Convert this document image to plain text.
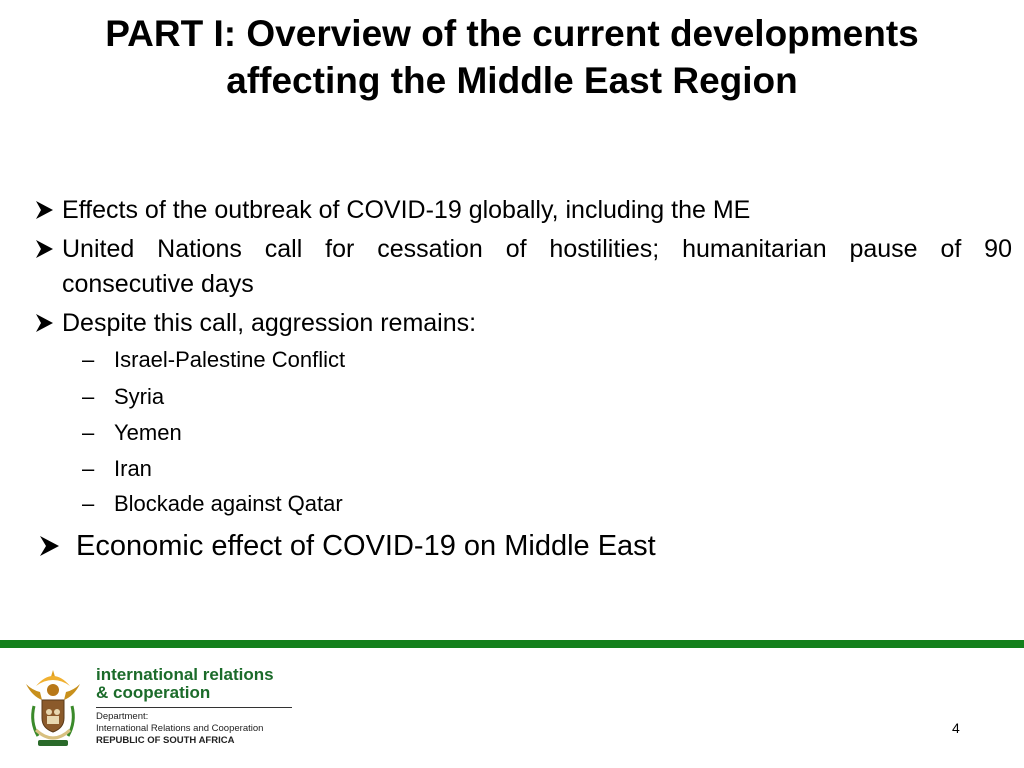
PART I: Overview of the current developments
affecting the Middle East Region
Effects of the outbreak of COVID-19 globally, including the ME
United Nations call for cessation of hostilities; humanitarian pause of 90
consecutive days
Despite this call, aggression remains:
– Israel-Palestine Conflict
– Syria
– Yemen
– Iran
– Blockade against Qatar
Economic effect of COVID-19 on Middle East
international relations
& cooperation
Department:
International Relations and Cooperation
REPUBLIC OF SOUTH AFRICA
4
